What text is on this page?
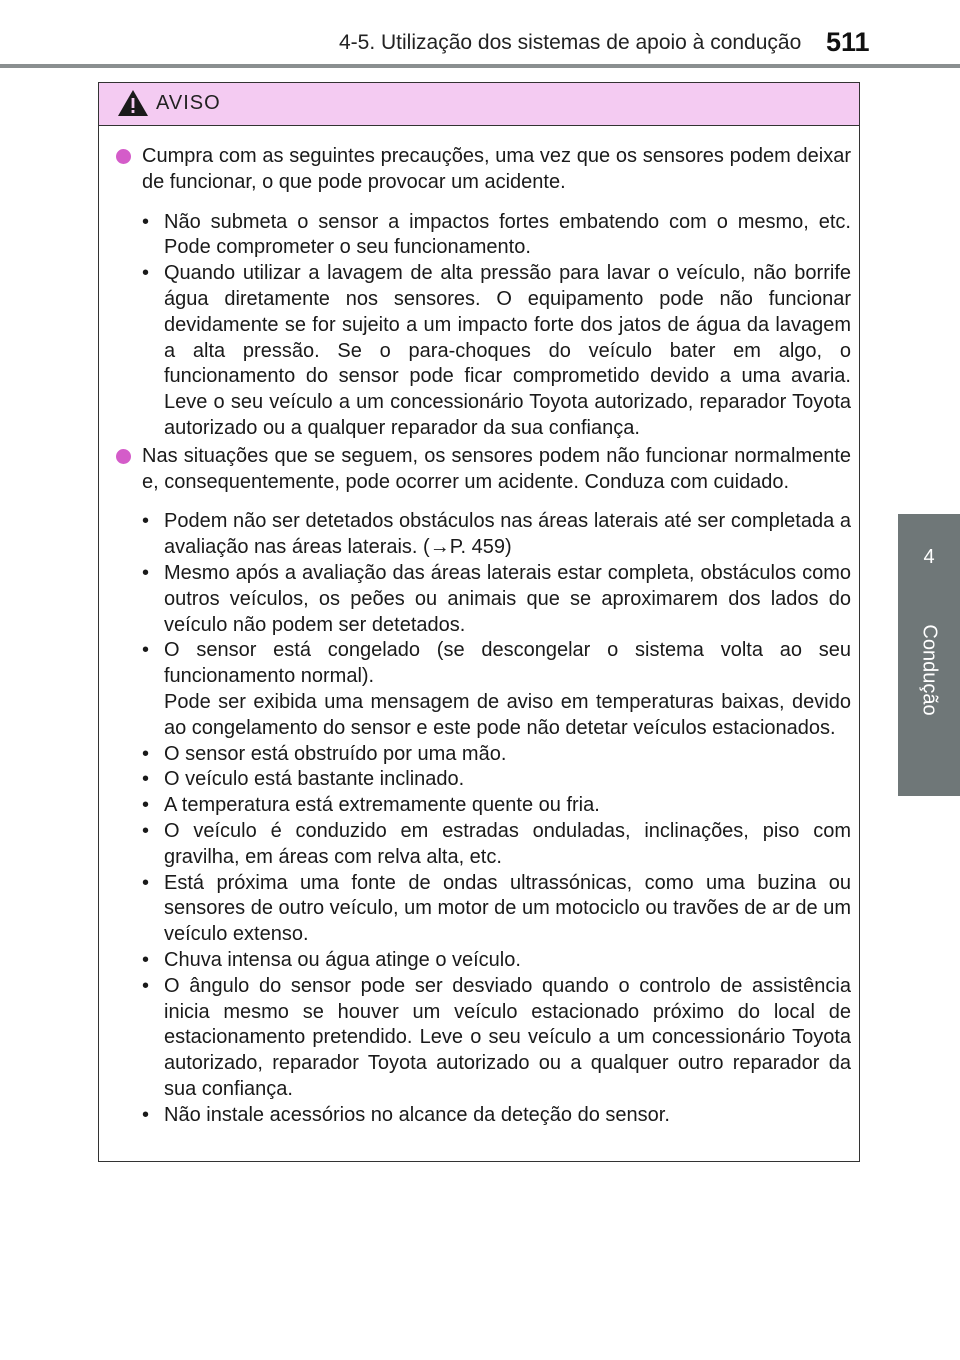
4-5. Utilização dos sistemas de apoio à condução 511
4
Condução
AVISO

Cumpra com as seguintes precauções, uma vez que os sensores podem deixar de funcionar, o que pode provocar um acidente.

• Não submeta o sensor a impactos fortes embatendo com o mesmo, etc. Pode comprometer o seu funcionamento.
• Quando utilizar a lavagem de alta pressão para lavar o veículo, não borrife água diretamente nos sensores. O equipamento pode não funcionar devidamente se for sujeito a um impacto forte dos jatos de água da lavagem a alta pressão. Se o para-choques do veículo bater em algo, o funcionamento do sensor pode ficar comprometido devido a uma avaria. Leve o seu veículo a um concessionário Toyota autorizado, reparador Toyota autorizado ou a qualquer reparador da sua confiança.

Nas situações que se seguem, os sensores podem não funcionar normalmente e, consequentemente, pode ocorrer um acidente. Conduza com cuidado.

• Podem não ser detetados obstáculos nas áreas laterais até ser completada a avaliação nas áreas laterais. (→P. 459)
• Mesmo após a avaliação das áreas laterais estar completa, obstáculos como outros veículos, os peões ou animais que se aproximarem dos lados do veículo não podem ser detetados.
• O sensor está congelado (se descongelar o sistema volta ao seu funcionamento normal).
Pode ser exibida uma mensagem de aviso em temperaturas baixas, devido ao congelamento do sensor e este pode não detetar veículos estacionados.
• O sensor está obstruído por uma mão.
• O veículo está bastante inclinado.
• A temperatura está extremamente quente ou fria.
• O veículo é conduzido em estradas onduladas, inclinações, piso com gravilha, em áreas com relva alta, etc.
• Está próxima uma fonte de ondas ultrassónicas, como uma buzina ou sensores de outro veículo, um motor de um motociclo ou travões de ar de um veículo extenso.
• Chuva intensa ou água atinge o veículo.
• O ângulo do sensor pode ser desviado quando o controlo de assistência inicia mesmo se houver um veículo estacionado próximo do local de estacionamento pretendido. Leve o seu veículo a um concessionário Toyota autorizado, reparador Toyota autorizado ou a qualquer outro reparador da sua confiança.
• Não instale acessórios no alcance da deteção do sensor.
